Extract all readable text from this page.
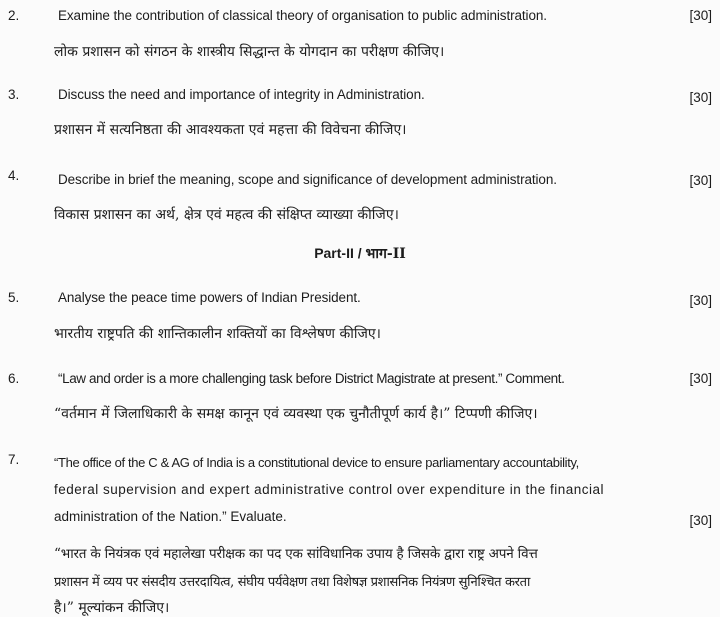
2.	Examine the contribution of classical theory of organisation to public administration.	[30]
लोक प्रशासन को संगठन के शास्त्रीय सिद्धान्त के योगदान का परीक्षण कीजिए।
3.	Discuss the need and importance of integrity in Administration.	[30]
प्रशासन में सत्यनिष्ठता की आवश्यकता एवं महत्ता की विवेचना कीजिए।
4.	Describe in brief the meaning, scope and significance of development administration.	[30]
विकास प्रशासन का अर्थ, क्षेत्र एवं महत्व की संक्षिप्त व्याख्या कीजिए।
Part-II / भाग-II
5.	Analyse the peace time powers of Indian President.	[30]
भारतीय राष्ट्रपति की शान्तिकालीन शक्तियों का विश्लेषण कीजिए।
6.	“Law and order is a more challenging task before District Magistrate at present.” Comment.	[30]
“वर्तमान में जिलाधिकारी के समक्ष कानून एवं व्यवस्था एक चुनौतीपूर्ण कार्य है।” टिप्पणी कीजिए।
7.	“The office of the C & AG of India is a constitutional device to ensure parliamentary accountability,
federal supervision and expert administrative control over expenditure in the financial
administration of the Nation.” Evaluate.	[30]
“भारत के नियंत्रक एवं महालेखा परीक्षक का पद एक सांविधानिक उपाय है जिसके द्वारा राष्ट्र अपने वित्त
प्रशासन में व्यय पर संसदीय उत्तरदायित्व, संघीय पर्यवेक्षण तथा विशेषज्ञ प्रशासनिक नियंत्रण सुनिश्चित करता
है।” मूल्यांकन कीजिए।
